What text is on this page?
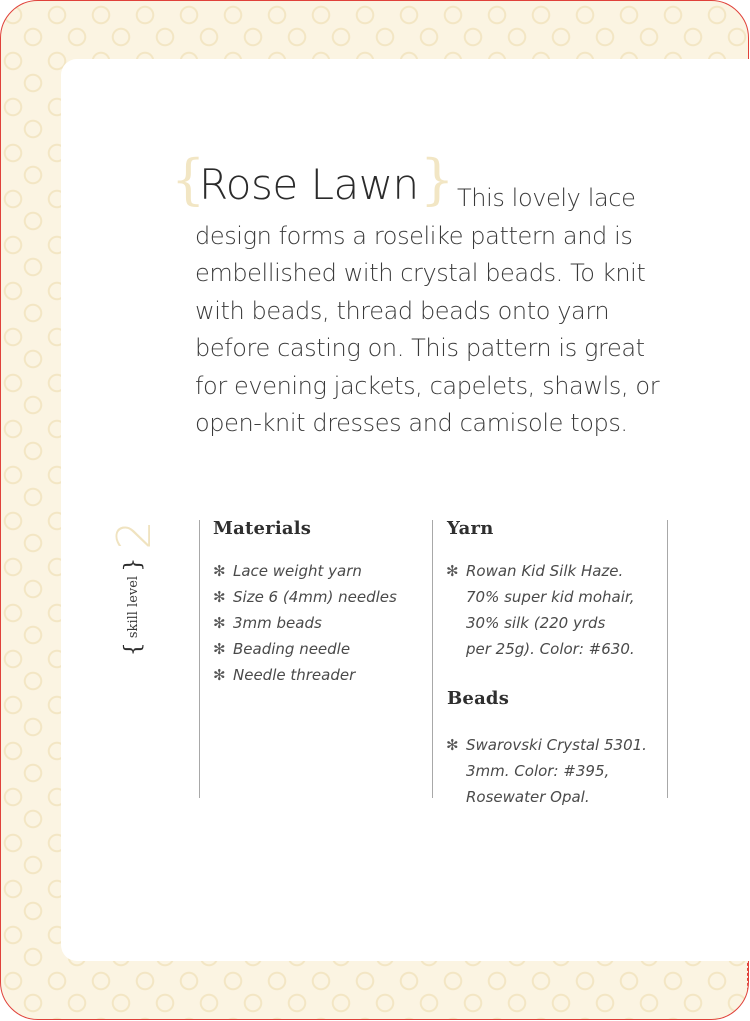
{
Rose Lawn } This lovely lace design forms a roselike pattern and is embellished with crystal beads. To knit with beads, thread beads onto yarn before casting on. This pattern is great for evening jackets, capelets, shawls, or open-knit dresses and camisole tops.

2
{ skill level }
Materials
✻ Lace weight yarn
✻ Size 6 (4mm) needles
✻ 3mm beads
✻ Beading needle
✻ Needle threader
Yarn
✻ Rowan Kid Silk Haze.
70% super kid mohair,
30% silk (220 yrds
per 25g). Color: #630.
Beads
✻ Swarovski Crystal 5301.
3mm. Color: #395,
Rosewater Opal.
